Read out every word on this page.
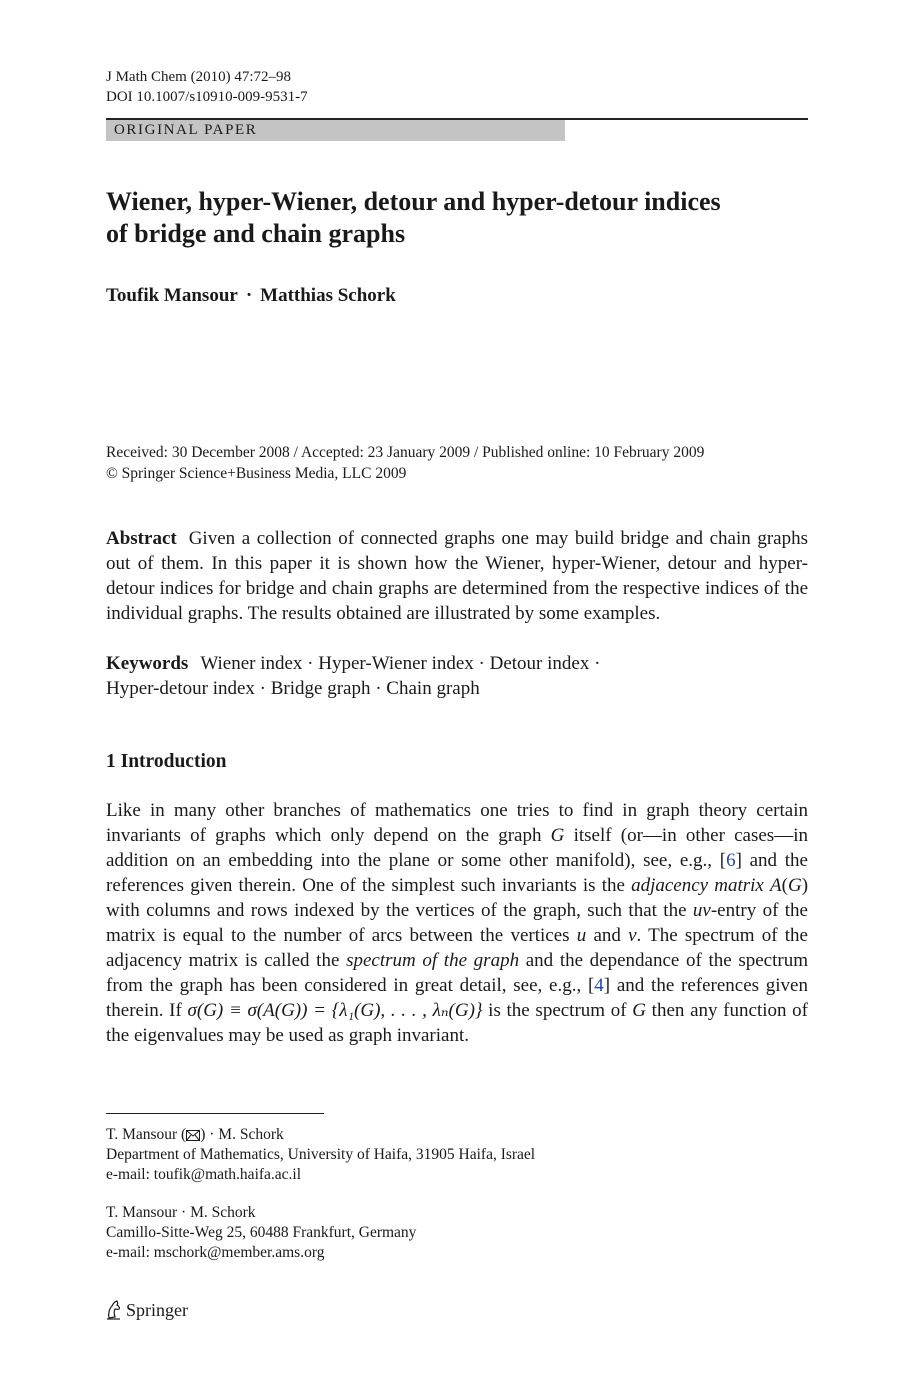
J Math Chem (2010) 47:72–98
DOI 10.1007/s10910-009-9531-7
ORIGINAL PAPER
Wiener, hyper-Wiener, detour and hyper-detour indices
of bridge and chain graphs
Toufik Mansour · Matthias Schork
Received: 30 December 2008 / Accepted: 23 January 2009 / Published online: 10 February 2009
© Springer Science+Business Media, LLC 2009
Abstract Given a collection of connected graphs one may build bridge and chain graphs out of them. In this paper it is shown how the Wiener, hyper-Wiener, detour and hyper-detour indices for bridge and chain graphs are determined from the respective indices of the individual graphs. The results obtained are illustrated by some examples.
Keywords Wiener index · Hyper-Wiener index · Detour index ·
Hyper-detour index · Bridge graph · Chain graph
1 Introduction
Like in many other branches of mathematics one tries to find in graph theory certain invariants of graphs which only depend on the graph G itself (or—in other cases—in addition on an embedding into the plane or some other manifold), see, e.g., [6] and the references given therein. One of the simplest such invariants is the adjacency matrix A(G) with columns and rows indexed by the vertices of the graph, such that the uv-entry of the matrix is equal to the number of arcs between the vertices u and v. The spectrum of the adjacency matrix is called the spectrum of the graph and the dependance of the spectrum from the graph has been considered in great detail, see, e.g., [4] and the references given therein. If σ(G) ≡ σ(A(G)) = {λ₁(G), . . . , λₙ(G)} is the spectrum of G then any function of the eigenvalues may be used as graph invariant.
T. Mansour ( ) · M. Schork
Department of Mathematics, University of Haifa, 31905 Haifa, Israel
e-mail: toufik@math.haifa.ac.il
T. Mansour · M. Schork
Camillo-Sitte-Weg 25, 60488 Frankfurt, Germany
e-mail: mschork@member.ams.org
Springer
